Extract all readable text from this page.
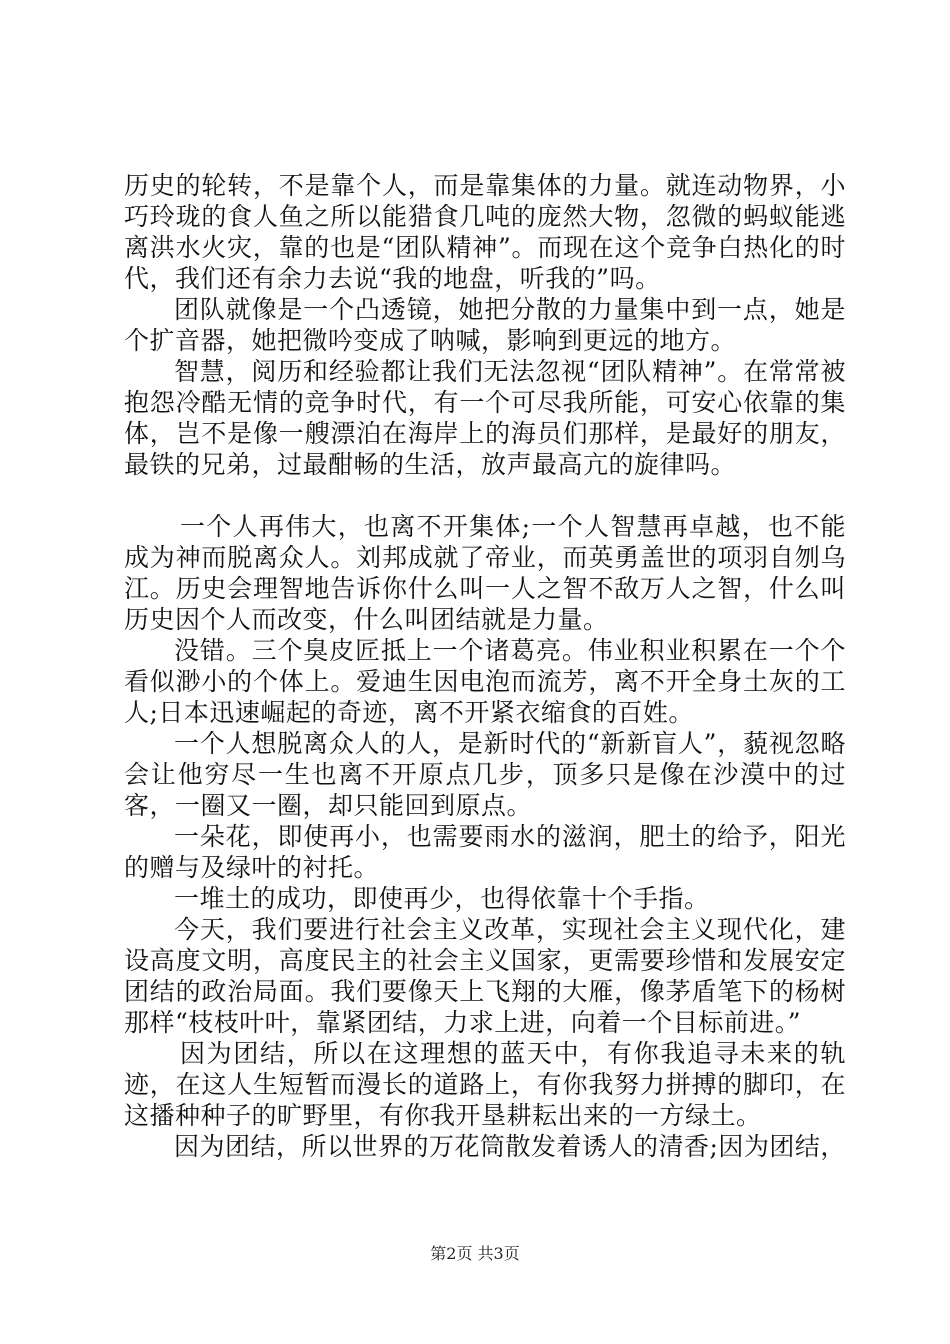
历史的轮转，不是靠个人，而是靠集体的力量。就连动物界，小巧玲珑的食人鱼之所以能猎食几吨的庞然大物，忽微的蚂蚁能逃离洪水火灾，靠的也是“团队精神”。而现在这个竞争白热化的时代，我们还有余力去说“我的地盘，听我的”吗。

团队就像是一个凸透镜，她把分散的力量集中到一点，她是个扩音器，她把微吟变成了呐喊，影响到更远的地方。

智慧，阅历和经验都让我们无法忽视“团队精神”。在常常被抱怨冷酷无情的竞争时代，有一个可尽我所能，可安心依靠的集体，岂不是像一艘漂泊在海岸上的海员们那样，是最好的朋友，最铁的兄弟，过最酣畅的生活，放声最高亢的旋律吗。

一个人再伟大，也离不开集体;一个人智慧再卓越，也不能成为神而脱离众人。刘邦成就了帝业，而英勇盖世的项羽自刎乌江。历史会理智地告诉你什么叫一人之智不敌万人之智，什么叫历史因个人而改变，什么叫团结就是力量。

没错。三个臭皮匠抵上一个诸葛亮。伟业积业积累在一个个看似渺小的个体上。爱迪生因电泡而流芳，离不开全身土灰的工人;日本迅速崛起的奇迹，离不开紧衣缩食的百姓。

一个人想脱离众人的人，是新时代的“新新盲人”，藐视忽略会让他穷尽一生也离不开原点几步，顶多只是像在沙漠中的过客，一圈又一圈，却只能回到原点。

一朵花，即使再小，也需要雨水的滋润，肥土的给予，阳光的赠与及绿叶的衬托。

一堆土的成功，即使再少，也得依靠十个手指。

今天，我们要进行社会主义改革，实现社会主义现代化，建设高度文明，高度民主的社会主义国家，更需要珍惜和发展安定团结的政治局面。我们要像天上飞翔的大雁，像茅盾笔下的杨树那样“枝枝叶叶，靠紧团结，力求上进，向着一个目标前进。”

因为团结，所以在这理想的蓝天中，有你我追寻未来的轨迹，在这人生短暂而漫长的道路上，有你我努力拼搏的脚印，在这播种种子的旷野里，有你我开垦耕耘出来的一方绿土。

因为团结，所以世界的万花筒散发着诱人的清香;因为团结，

第2页 共3页
